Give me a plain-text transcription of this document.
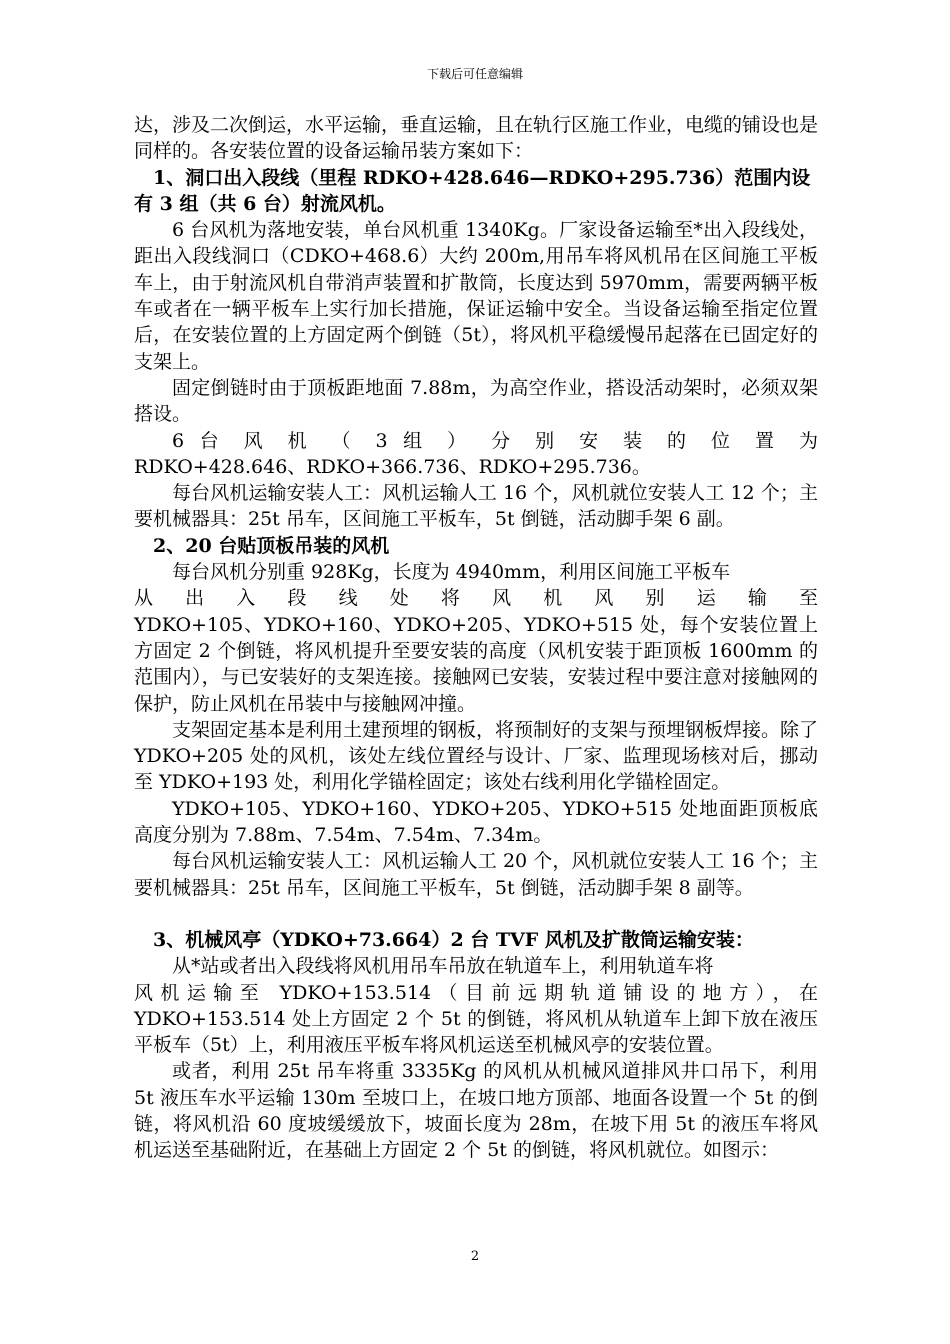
下载后可任意编辑

达，涉及二次倒运，水平运输，垂直运输，且在轨行区施工作业，电缆的铺设也是同样的。各安装位置的设备运输吊装方案如下：

1、洞口出入段线（里程 RDKO+428.646—RDKO+295.736）范围内设有 3 组（共 6 台）射流风机。

6 台风机为落地安装，单台风机重 1340Kg。厂家设备运输至*出入段线处，距出入段线洞口（CDKO+468.6）大约 200m,用吊车将风机吊在区间施工平板车上，由于射流风机自带消声装置和扩散筒，长度达到 5970mm，需要两辆平板车或者在一辆平板车上实行加长措施，保证运输中安全。当设备运输至指定位置后，在安装位置的上方固定两个倒链（5t），将风机平稳缓慢吊起落在已固定好的支架上。

固定倒链时由于顶板距地面 7.88m，为高空作业，搭设活动架时，必须双架搭设。

6 台 风 机 （ 3 组 ） 分 别 安 装 的 位 置 为

RDKO+428.646、RDKO+366.736、RDKO+295.736。

每台风机运输安装人工：风机运输人工 16 个，风机就位安装人工 12 个；主要机械器具：25t 吊车，区间施工平板车，5t 倒链，活动脚手架 6 副。

2、20 台贴顶板吊装的风机

每台风机分别重 928Kg，长度为 4940mm，利用区间施工平板车

从 出 入 段 线 处 将 风 机 风 别 运 输 至

YDKO+105、YDKO+160、YDKO+205、YDKO+515 处，每个安装位置上方固定 2 个倒链，将风机提升至要安装的高度（风机安装于距顶板 1600mm 的范围内），与已安装好的支架连接。接触网已安装，安装过程中要注意对接触网的保护，防止风机在吊装中与接触网冲撞。

支架固定基本是利用土建预埋的钢板，将预制好的支架与预埋钢板焊接。除了 YDKO+205 处的风机，该处左线位置经与设计、厂家、监理现场核对后，挪动至 YDKO+193 处，利用化学锚栓固定；该处右线利用化学锚栓固定。

YDKO+105、YDKO+160、YDKO+205、YDKO+515 处地面距顶板底高度分别为 7.88m、7.54m、7.54m、7.34m。

每台风机运输安装人工：风机运输人工 20 个，风机就位安装人工 16 个；主要机械器具：25t 吊车，区间施工平板车，5t 倒链，活动脚手架 8 副等。

3、机械风亭（YDKO+73.664）2 台 TVF 风机及扩散筒运输安装：

从*站或者出入段线将风机用吊车吊放在轨道车上，利用轨道车将

风机运输至 YDKO+153.514（目前远期轨道铺设的地方），在

YDKO+153.514 处上方固定 2 个 5t 的倒链，将风机从轨道车上卸下放在液压平板车（5t）上，利用液压平板车将风机运送至机械风亭的安装位置。

或者，利用 25t 吊车将重 3335Kg 的风机从机械风道排风井口吊下，利用 5t 液压车水平运输 130m 至坡口上，在坡口地方顶部、地面各设置一个 5t 的倒链，将风机沿 60 度坡缓缓放下，坡面长度为 28m，在坡下用 5t 的液压车将风机运送至基础附近，在基础上方固定 2 个 5t 的倒链，将风机就位。如图示：

2
